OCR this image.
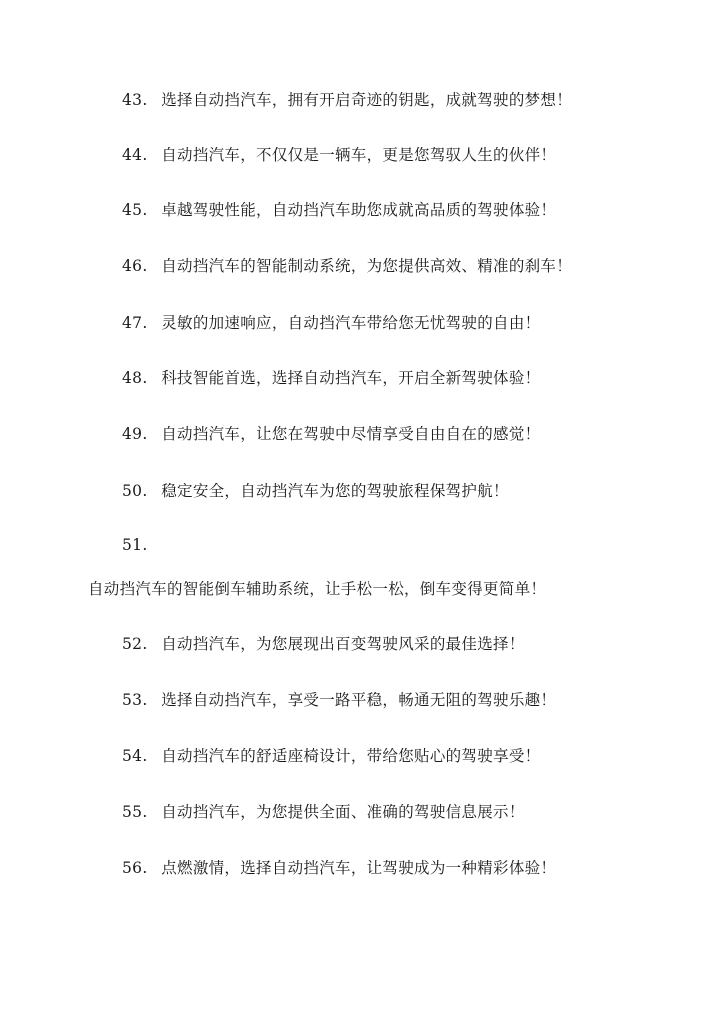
43. 选择自动挡汽车，拥有开启奇迹的钥匙，成就驾驶的梦想！
44. 自动挡汽车，不仅仅是一辆车，更是您驾驭人生的伙伴！
45. 卓越驾驶性能，自动挡汽车助您成就高品质的驾驶体验！
46. 自动挡汽车的智能制动系统，为您提供高效、精准的刹车！
47. 灵敏的加速响应，自动挡汽车带给您无忧驾驶的自由！
48. 科技智能首选，选择自动挡汽车，开启全新驾驶体验！
49. 自动挡汽车，让您在驾驶中尽情享受自由自在的感觉！
50. 稳定安全，自动挡汽车为您的驾驶旅程保驾护航！
51.
自动挡汽车的智能倒车辅助系统，让手松一松，倒车变得更简单！
52. 自动挡汽车，为您展现出百变驾驶风采的最佳选择！
53. 选择自动挡汽车，享受一路平稳，畅通无阻的驾驶乐趣！
54. 自动挡汽车的舒适座椅设计，带给您贴心的驾驶享受！
55. 自动挡汽车，为您提供全面、准确的驾驶信息展示！
56. 点燃激情，选择自动挡汽车，让驾驶成为一种精彩体验！
